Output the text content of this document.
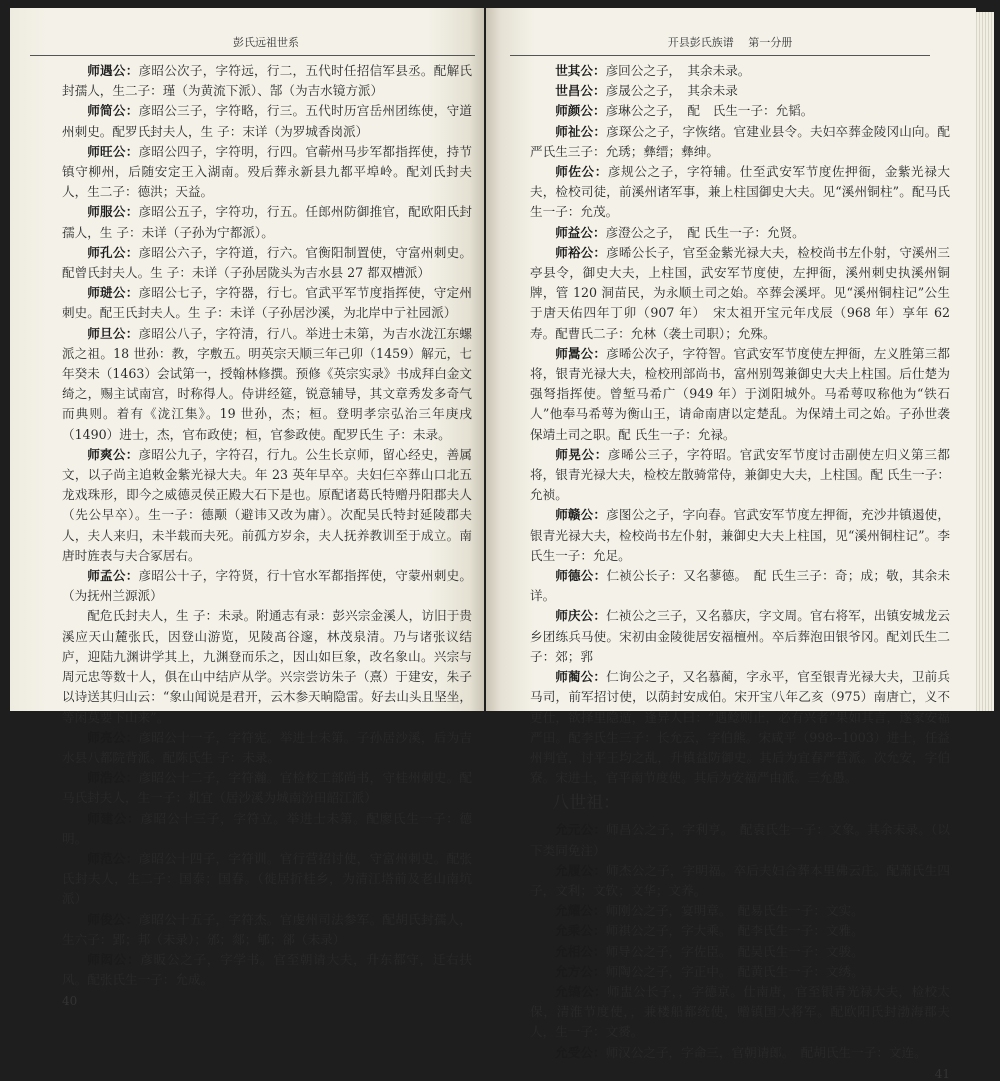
彭氏远祖世系	开县彭氏族谱　 第一分册

师遇公：彦昭公次子，字符远，行二，五代时任招信军县丞。配解氏封孺人，生二子：瑾（为黄流下派）、郜（为吉水镜方派）

师简公：彦昭公三子，字符略，行三。五代时历宫岳州团练使，守道州刺史。配罗氏封夫人，生 子：末详（为罗城香岗派）

师旺公：彦昭公四子，字符明，行四。官蕲州马步军都指挥使，持节镇守柳州，后随安定王入湖南。殁后葬永新县九都平埠岭。配刘氏封夫人，生二子：德洪；天益。

师服公：彦昭公五子，字符功，行五。任郎州防御推官，配欧阳氏封孺人，生 子：未详（子孙为宁都派）。

师孔公：彦昭公六子，字符道，行六。官衡阳制置使，守富州刺史。配曾氏封夫人。生 子：未详（子孙居陇头为吉水县 27 都双槽派）

师琎公：彦昭公七子，字符器，行七。官武平军节度指挥使，守定州刺史。配王氏封夫人。生 子：未详（子孙居沙溪，为北岸中亍社园派）

师旦公：彦昭公八子，字符清，行八。举进士未第，为吉水泷江东螺派之祖。18 世孙：教，字敷五。明英宗天顺三年己卯（1459）解元，七年癸未（1463）会试第一，授翰林修撰。预修《英宗实录》书成拜白金文绮之，赐主试南宫，时称得人。侍讲经筵，锐意辅导，其文章秀发多奇气而典则。着有《泷江集》。19 世孙，杰；桓。登明孝宗弘治三年庚戌（1490）进士，杰，官布政使；桓，官参政使。配罗氏生 子：未录。

师爽公：彦昭公九子，字符召，行九。公生长京师，留心经史，善属文，以子尚主追敕金紫光禄大夫。年 23 英年早卒。夫妇仨卒葬山口北五龙戏珠形，即今之威德灵侯正殿大石下是也。原配诸葛氏特赠丹阳郡夫人（先公早卒）。生一子：德颙（避讳又改为庸）。次配吴氏特封延陵郡夫人，夫人来归，未半载而夫死。前孤方岁余，夫人抚养教训至于成立。南唐时旌表与夫合冢居右。

师孟公：彦昭公十子，字符贤，行十官水军都指挥使，守蒙州刺史。（为抚州兰源派）

配危氏封夫人，生 子：未录。附通志有录：彭兴宗金溪人，访旧于贵溪应天山麓张氏，因登山游览，见陵髙谷邃，林茂泉清。乃与诸张议结庐，迎陆九渊讲学其上，九渊登而乐之，因山如巨象，改名象山。兴宗与周元忠等数十人，俱在山中结庐从学。兴宗尝访朱子（熹）于建安，朱子以诗送其归山云：“象山闻说是君开，云木参天晌隐雷。好去山头且坚坐，等闲莫要下山来”。

师亮公：彦昭公十一子，字符宪。举进士未第。子孙居沙溪，后为吉水县八都院背派。配陈氏生 子：未录。

师浩公：彦昭公十二子，字符瀚。官检校工部尚书，守桂州刺史。配马氏封夫人，生一子：机宜（居沙溪为城南汾田韶江派）

师建公：彦昭公十三子，字符立。举进士未第。配廖氏生一子：德明。

师范公：彦昭公十四子，字符训。官行营招讨使，守富州刺史。配张氏封夫人，生二子：国泰；国春。（徙居折桂乡，为清江塔前及老山南坑派）

师俊公：彦昭公十五子，字符杰。官虔州司法参军。配胡氏封孺人，生六子：郢；邦（未录）；邠；郯；郇；郤（未录）

师闳公：彦昄公之子，字学书。官至朝请大夫，升东都守，迁右扶风。配张氏生一子：允成。

40

世其公：彦回公之子，　其余未录。

世昌公：彦晟公之子，　其余未录

师颜公：彦琳公之子，　配　氏生一子：允韬。

师祉公：彦琛公之子，字恢绪。官建业县令。夫妇卒葬金陵冈山向。配严氏生三子：允琇；彝缙；彝绅。

师佐公：彦规公之子，字符辅。仕至武安军节度佐押衙，金紫光禄大夫，检校司徒，前溪州诸军事，兼上柱国御史大夫。见“溪州铜柱”。配马氏生一子：允茂。

师益公：彦澄公之子，　配 氏生一子：允贤。

师裕公：彦晞公长子，官至金紫光禄大夫，检校尚书左仆射，守溪州三亭县令，御史大夫，上柱国，武安军节度使，左押衙，溪州刺史执溪州铜牌，管 120 洞苗民，为永顺土司之始。卒葬会溪坪。见“溪州铜柱记”公生于唐天佑四年丁卯（907 年）　宋太祖开宝元年戊辰（968 年）享年 62 寿。配曹氏二子：允林（袭土司职）；允殊。

师暠公：彦晞公次子，字符智。官武安军节度使左押衙，左义胜第三都将，银青光禄大夫，检校刑部尚书，富州别驾兼御史大夫上柱国。后仕楚为强弩指挥使。曾堑马希广（949 年）于浏阳城外。马希萼叹称他为“铁石人”他奉马希萼为衡山王，请命南唐以定楚乱。为保靖土司之始。子孙世袭保靖土司之职。配 氏生一子：允禄。

师晃公：彦晞公三子，字符昭。官武安军节度讨击副使左归义第三都将，银青光禄大夫，检校左散骑常侍，兼御史大夫，上柱国。配 氏生一子：允祯。

师赣公：彦图公之子，字向春。官武安军节度左押衙，充沙井镇遏使，银青光禄大夫，检校尚书左仆射，兼御史大夫上柱国，见“溪州铜柱记”。李氏生一子：允足。

师德公：仁祯公长子：又名蓼德。　配 氏生三子：奇；成；敬，其余未详。

师庆公：仁祯公之三子，又名慕庆，字文周。官右将军，出镇安城龙云乡团练兵马使。宋初由金陵徙居安福檀州。卒后葬泡田银爷冈。配刘氏生二子：郊；郛

师蔺公：仁询公之子，又名慕蔺，字永平，官至银青光禄大夫，卫前兵马司，前军招讨使，以荫封安成伯。宋开宝八年乙亥（975）南唐亡，义不更仕，欲择里隐遁，逢异人曰：“遇鲶则止，必有兴者”果如其言，遂家安福严田。配李氏生三子：长允云，字伯熊。宋咸平（998--1003）进士，任益州判官，讨平王均之乱，升镇益防御史。其后为宜春严营派。次允安，字伯寮。宋进士，官平南节度使。其后为安福严由派。三允愚。

八世祖：

允元公：师昌公之子，字利亨。　配袁氏生一子：文象。其余末录。（以下类同免注）

允履公：师杰公之子，字明福。卒后夫妇合葬本里佛云庄。配萧氏生四子，文利；文钦；文华；文养。

允耀公：师刚公之子，宴明章。　配易氏生一子：文实。

允乘公：师祺公之子，字大乘。　配李氏生一子：文雅。

允相公：师导公之子，字佐臣。　配吴氏生一子：文骏。

允方公：师陶公之子，字正中。　配黄氏生一子：文绣。

允镐公：师盅公长子，，字德京。仕南唐，官至银青光禄大夫，检校太保，清淮节度使，，兼楼船都统使，赠镇国大将军。配欧阳氏封渤海郡夫人，生一子：文赟。

允受公：师汉公之子，字命三，官朝请郎。　配胡氏生一子：文连。

41
